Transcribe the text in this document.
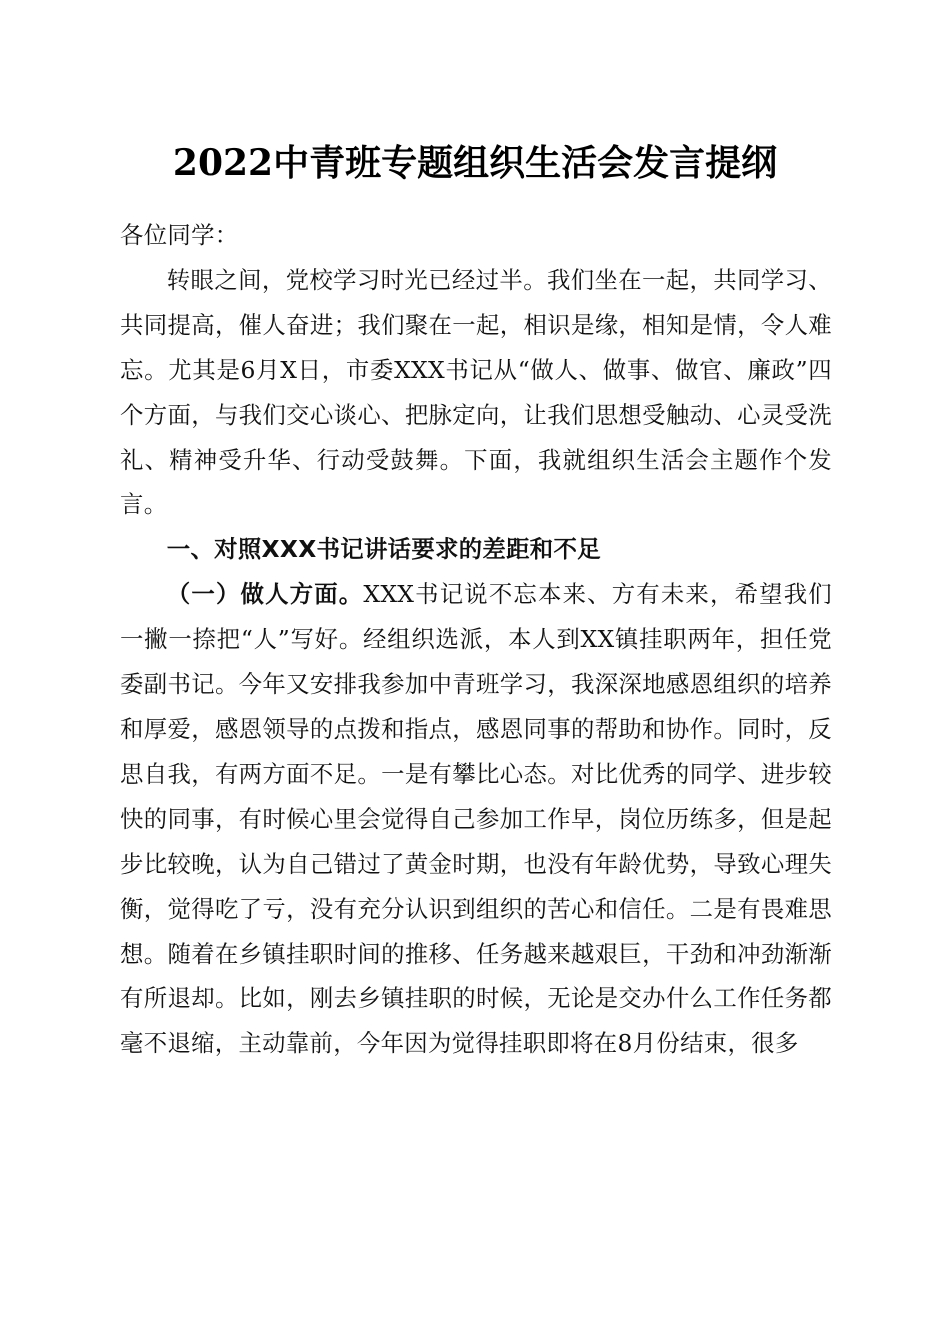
2022中青班专题组织生活会发言提纲

各位同学：

转眼之间，党校学习时光已经过半。我们坐在一起，共同学习、共同提高，催人奋进；我们聚在一起，相识是缘，相知是情，令人难忘。尤其是6月X日，市委XXX书记从“做人、做事、做官、廉政”四个方面，与我们交心谈心、把脉定向，让我们思想受触动、心灵受洗礼、精神受升华、行动受鼓舞。下面，我就组织生活会主题作个发言。

一、对照XXX书记讲话要求的差距和不足

（一）做人方面。XXX书记说不忘本来、方有未来，希望我们一撇一捺把“人”写好。经组织选派，本人到XX镇挂职两年，担任党委副书记。今年又安排我参加中青班学习，我深深地感恩组织的培养和厚爱，感恩领导的点拨和指点，感恩同事的帮助和协作。同时，反思自我，有两方面不足。一是有攀比心态。对比优秀的同学、进步较快的同事，有时候心里会觉得自己参加工作早，岗位历练多，但是起步比较晚，认为自己错过了黄金时期，也没有年龄优势，导致心理失衡，觉得吃了亏，没有充分认识到组织的苦心和信任。二是有畏难思想。随着在乡镇挂职时间的推移、任务越来越艰巨，干劲和冲劲渐渐有所退却。比如，刚去乡镇挂职的时候，无论是交办什么工作任务都毫不退缩，主动靠前，今年因为觉得挂职即将在8月份结束，很多
